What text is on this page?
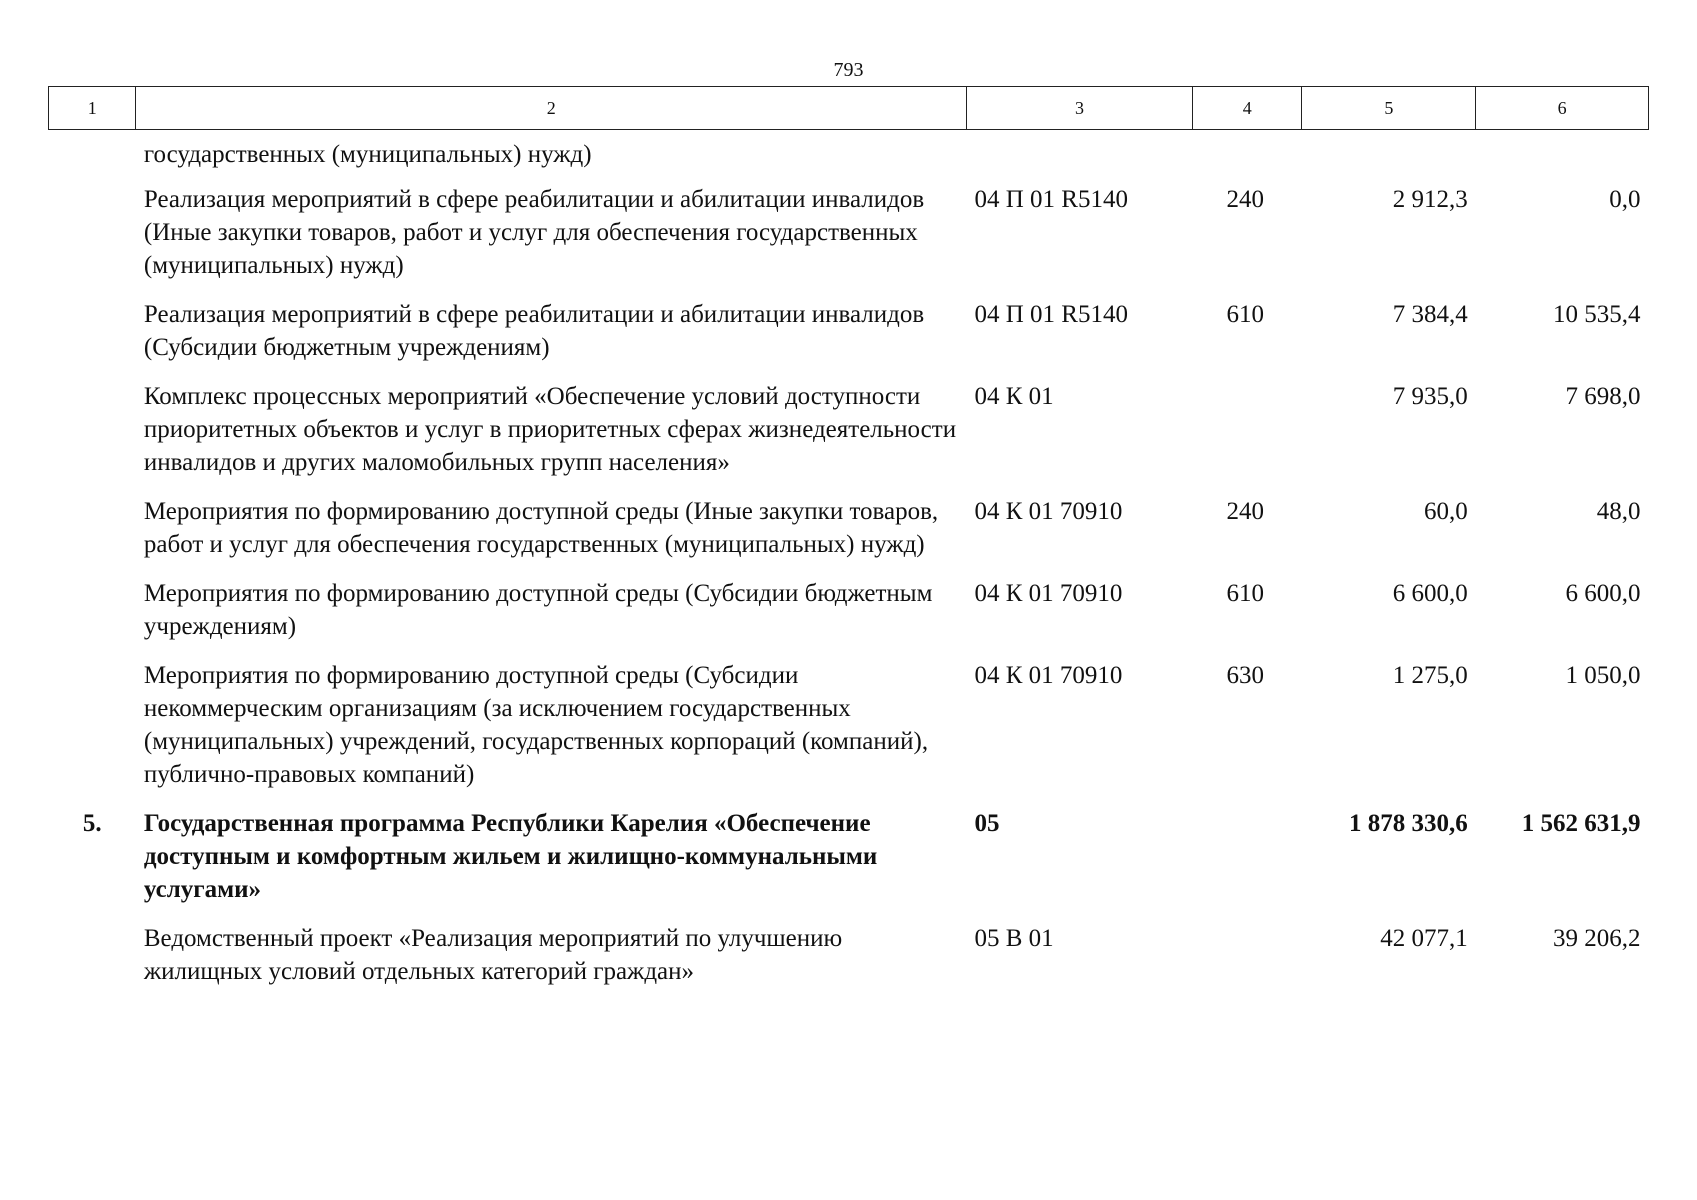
793
1	2	3	4	5	6
	государственных (муниципальных) нужд)				
	Реализация мероприятий в сфере реабилитации и абилитации инвалидов (Иные закупки товаров, работ и услуг для обеспечения государственных (муниципальных) нужд)	04 П 01 R5140	240	2 912,3	0,0
	Реализация мероприятий в сфере реабилитации и абилитации инвалидов (Субсидии бюджетным учреждениям)	04 П 01 R5140	610	7 384,4	10 535,4
	Комплекс процессных мероприятий «Обеспечение условий доступности приоритетных объектов и услуг в приоритетных сферах жизнедеятельности инвалидов и других маломобильных групп населения»	04 К 01		7 935,0	7 698,0
	Мероприятия по формированию доступной среды (Иные закупки товаров, работ и услуг для обеспечения государственных (муниципальных) нужд)	04 К 01 70910	240	60,0	48,0
	Мероприятия по формированию доступной среды (Субсидии бюджетным учреждениям)	04 К 01 70910	610	6 600,0	6 600,0
	Мероприятия по формированию доступной среды (Субсидии некоммерческим организациям (за исключением государственных (муниципальных) учреждений, государственных корпораций (компаний), публично-правовых компаний)	04 К 01 70910	630	1 275,0	1 050,0
5.	Государственная программа Республики Карелия «Обеспечение доступным и комфортным жильем и жилищно-коммунальными услугами»	05		1 878 330,6	1 562 631,9
	Ведомственный проект «Реализация мероприятий по улучшению жилищных условий отдельных категорий граждан»	05 В 01		42 077,1	39 206,2
